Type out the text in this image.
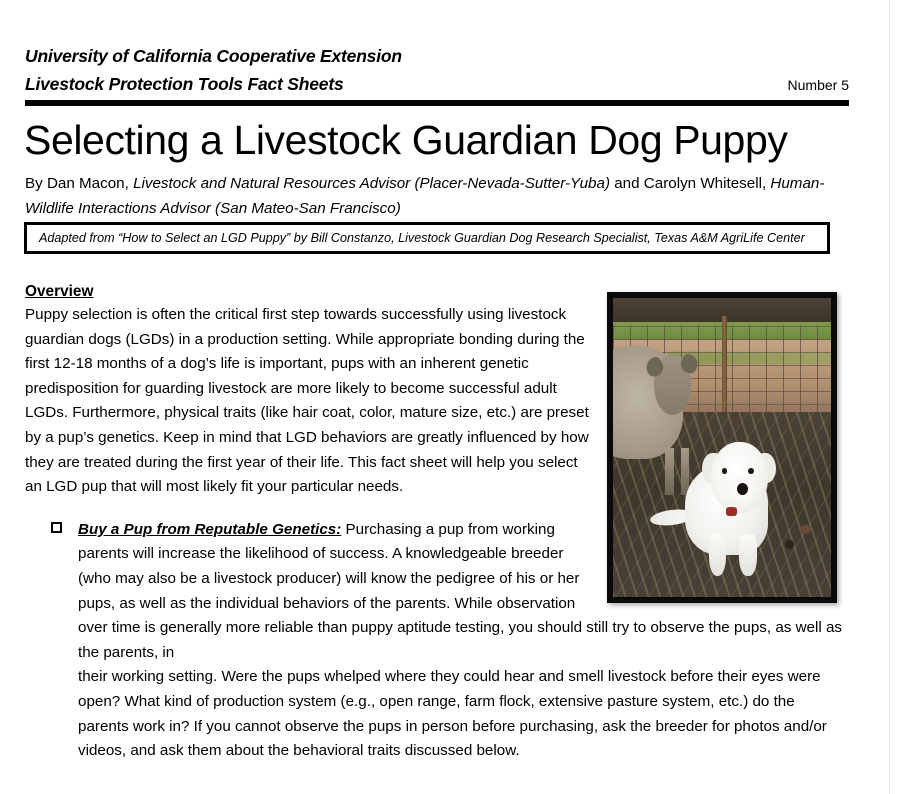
University of California Cooperative Extension
Livestock Protection Tools Fact Sheets	Number 5
Selecting a Livestock Guardian Dog Puppy
By Dan Macon, Livestock and Natural Resources Advisor (Placer-Nevada-Sutter-Yuba) and Carolyn Whitesell, Human-Wildlife Interactions Advisor (San Mateo-San Francisco)
Adapted from “How to Select an LGD Puppy” by Bill Constanzo, Livestock Guardian Dog Research Specialist, Texas A&M AgriLife Center
Overview

Puppy selection is often the critical first step towards successfully using livestock guardian dogs (LGDs) in a production setting. While appropriate bonding during the first 12-18 months of a dog’s life is important, pups with an inherent genetic predisposition for guarding livestock are more likely to become successful adult LGDs. Furthermore, physical traits (like hair coat, color, mature size, etc.) are preset by a pup’s genetics. Keep in mind that LGD behaviors are greatly influenced by how they are treated during the first year of their life. This fact sheet will help you select an LGD pup that will most likely fit your particular needs.

Buy a Pup from Reputable Genetics: Purchasing a pup from working parents will increase the likelihood of success. A knowledgeable breeder (who may also be a livestock producer) will know the pedigree of his or her pups, as well as the individual behaviors of the parents. While observation over time is generally more reliable than puppy aptitude testing, you should still try to observe the pups, as well as the parents, in

their working setting. Were the pups whelped where they could hear and smell livestock before their eyes were open? What kind of production system (e.g., open range, farm flock, extensive pasture system, etc.) do the parents work in? If you cannot observe the pups in person before purchasing, ask the breeder for photos and/or videos, and ask them about the behavioral traits discussed below.
